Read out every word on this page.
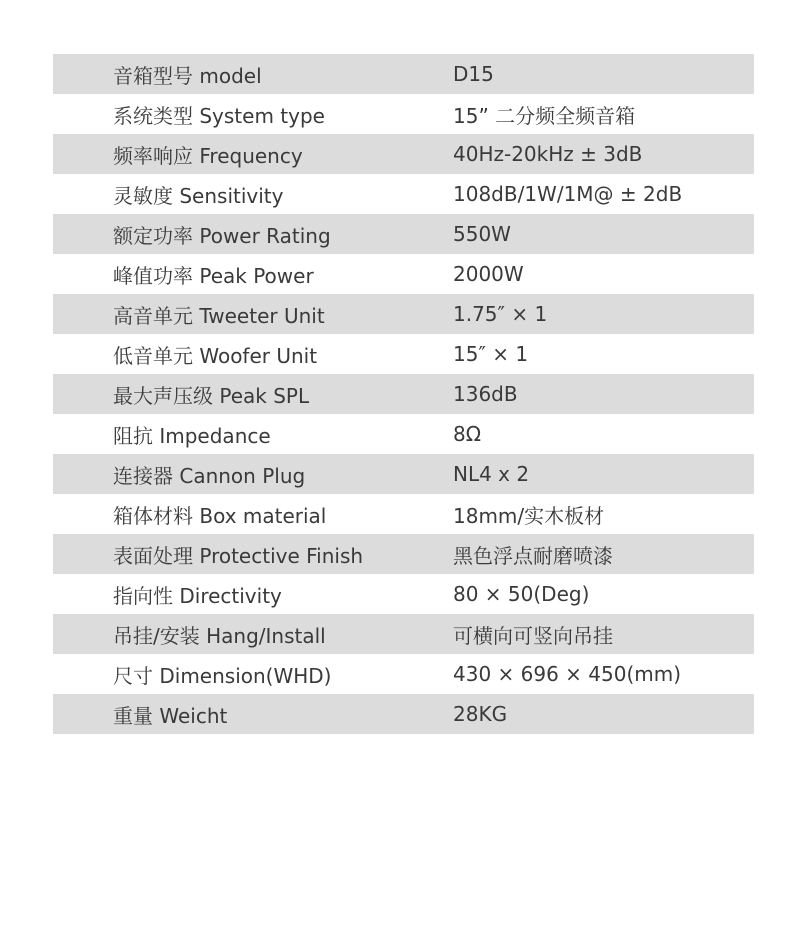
音箱型号 model	D15
系统类型 System type	15” 二分频全频音箱
频率响应 Frequency	40Hz-20kHz ± 3dB
灵敏度 Sensitivity	108dB/1W/1M@ ± 2dB
额定功率 Power Rating	550W
峰值功率 Peak Power	2000W
高音单元 Tweeter Unit	1.75″ × 1
低音单元 Woofer Unit	15″ × 1
最大声压级 Peak SPL	136dB
阻抗 Impedance	8Ω
连接器 Cannon Plug	NL4 x 2
箱体材料 Box material	18mm/实木板材
表面处理 Protective Finish	黑色浮点耐磨喷漆
指向性 Directivity	80 × 50(Deg)
吊挂/安装 Hang/Install	可横向可竖向吊挂
尺寸 Dimension(WHD)	430 × 696 × 450(mm)
重量 Weicht	28KG
